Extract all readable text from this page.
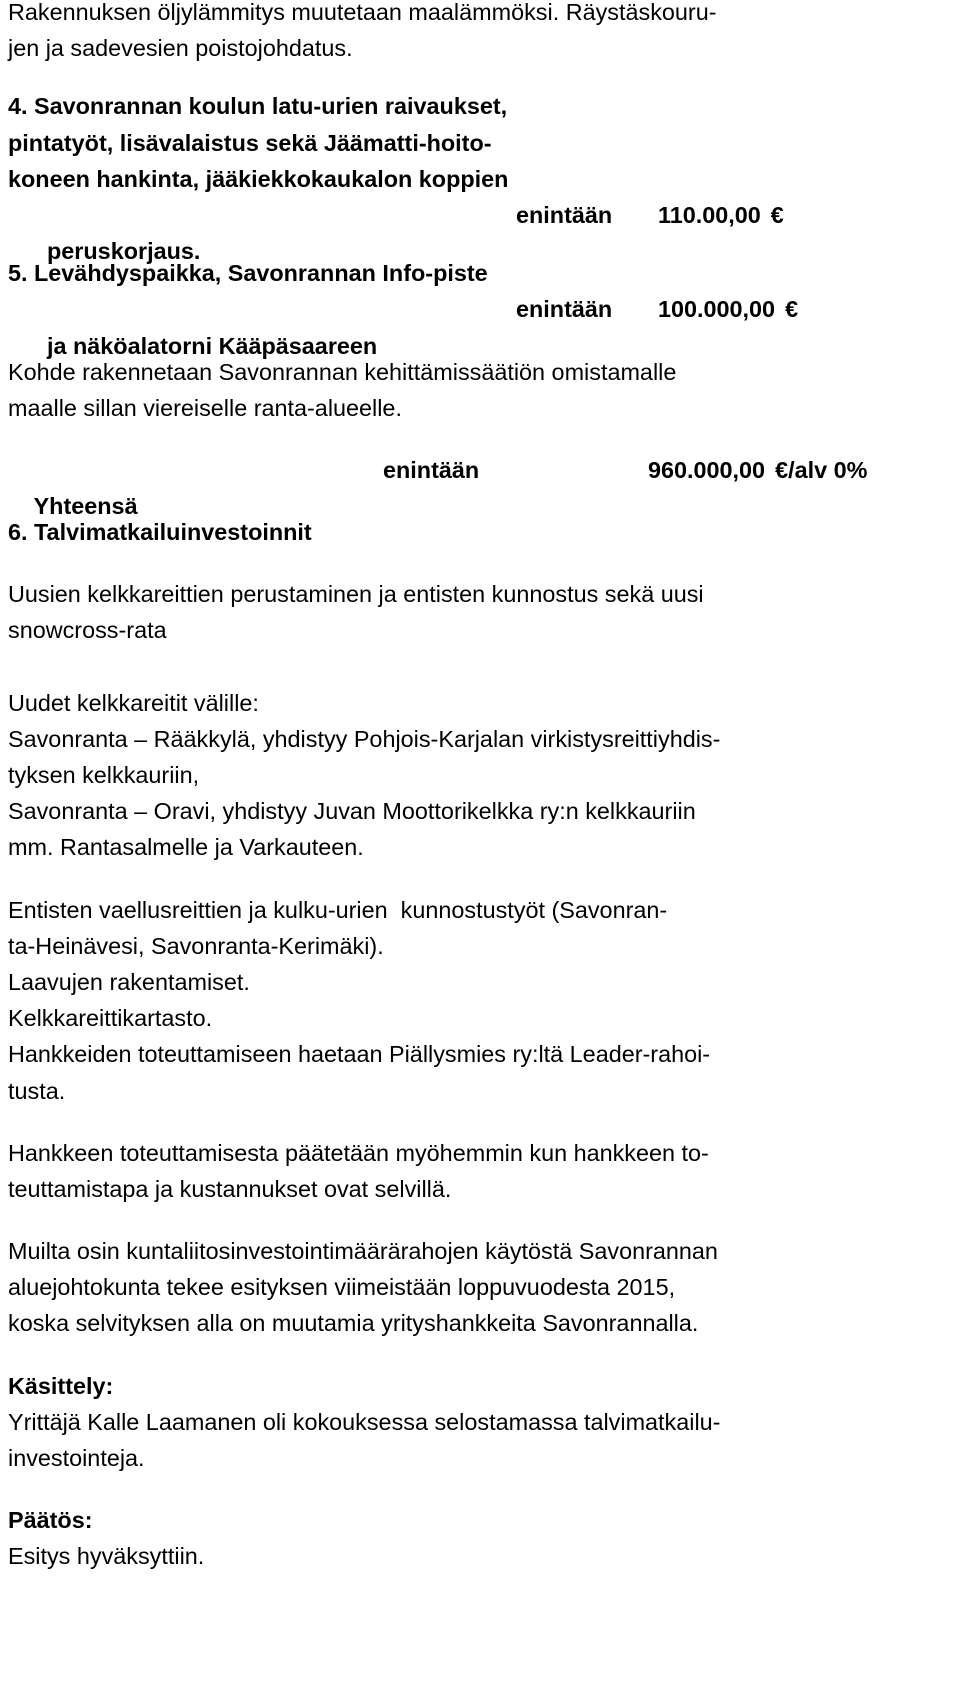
Rakennuksen öljylämmitys muutetaan maalämmöksi. Räystäskouru-
jen ja sadevesien poistojohdatus.
4. Savonrannan koulun latu-urien raivaukset,
pintatyöt, lisävalaistus sekä Jäämatti-hoito-
koneen hankinta, jääkiekkokaukalon koppien

peruskorjaus.

enintään

110.00,00 €

5. Levähdyspaikka, Savonrannan Info-piste

ja näköalatorni Kääpäsaareen

enintään

100.000,00 €

Kohde rakennetaan Savonrannan kehittämissäätiön omistamalle
maalle sillan viereiselle ranta-alueelle.

Yhteensä

enintään

	960.000,00 €/alv 0%

6. Talvimatkailuinvestoinnit
Uusien kelkkareittien perustaminen ja entisten kunnostus sekä uusi
snowcross-rata
Uudet kelkkareitit välille:
Savonranta – Rääkkylä, yhdistyy Pohjois-Karjalan virkistysreittiyhdis-
tyksen kelkkauriin,
Savonranta – Oravi, yhdistyy Juvan Moottorikelkka ry:n kelkkauriin
mm. Rantasalmelle ja Varkauteen.
Entisten vaellusreittien ja kulku-urien  kunnostustyöt (Savonran-
ta-Heinävesi, Savonranta-Kerimäki).
Laavujen rakentamiset.
Kelkkareittikartasto.
Hankkeiden toteuttamiseen haetaan Piällysmies ry:ltä Leader-rahoi-
tusta.
Hankkeen toteuttamisesta päätetään myöhemmin kun hankkeen to-
teuttamistapa ja kustannukset ovat selvillä.
Muilta osin kuntaliitosinvestointimäärärahojen käytöstä Savonrannan
aluejohtokunta tekee esityksen viimeistään loppuvuodesta 2015,
koska selvityksen alla on muutamia yrityshankkeita Savonrannalla.
Käsittely:
Yrittäjä Kalle Laamanen oli kokouksessa selostamassa talvimatkailu-
investointeja.
Päätös:
Esitys hyväksyttiin.
